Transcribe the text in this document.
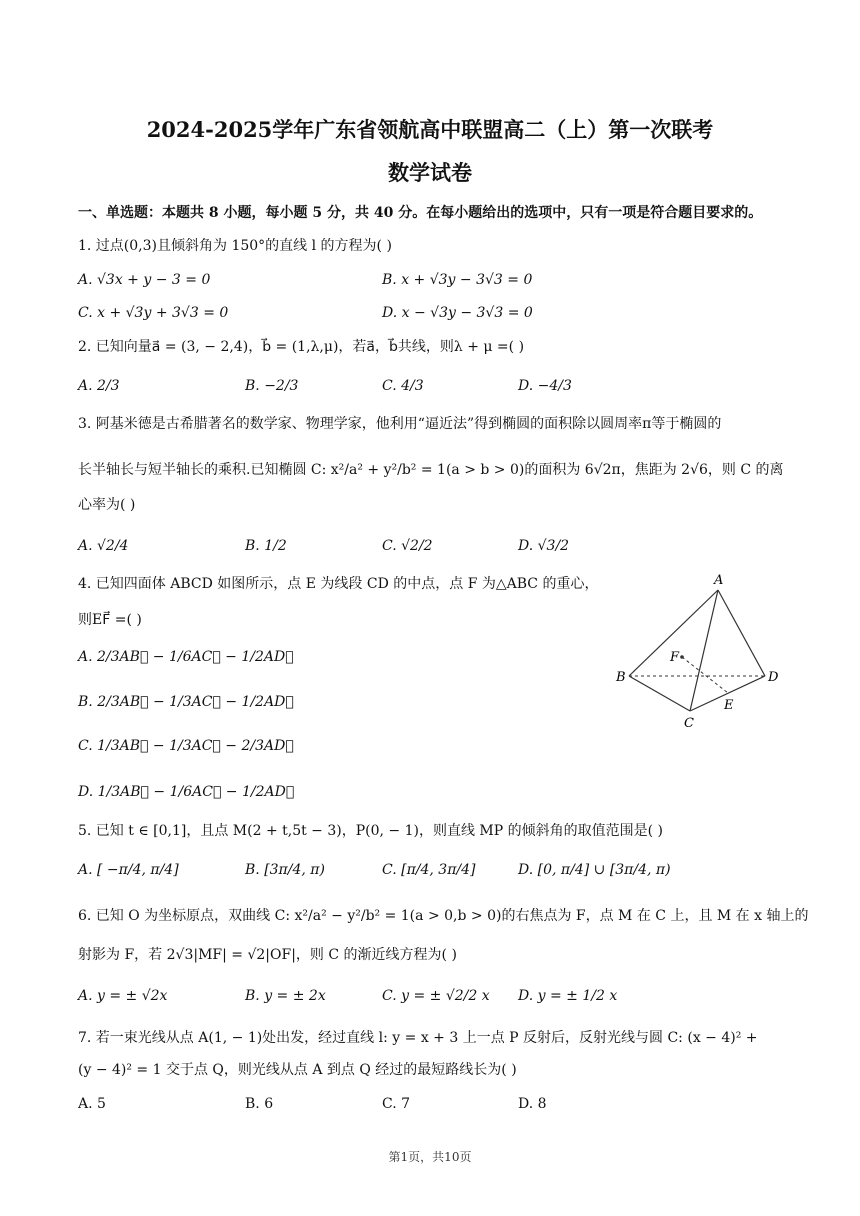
2024-2025学年广东省领航高中联盟高二（上）第一次联考
数学试卷
一、单选题：本题共 8 小题，每小题 5 分，共 40 分。在每小题给出的选项中，只有一项是符合题目要求的。
1. 过点(0,3)且倾斜角为 150°的直线 l 的方程为( )
A. √3x + y − 3 = 0	B. x + √3y − 3√3 = 0
C. x + √3y + 3√3 = 0	D. x − √3y − 3√3 = 0
2. 已知向量a⃗ = (3, − 2,4)，b⃗ = (1,λ,μ)，若a⃗，b⃗共线，则λ + μ =( )
A. 2/3	B. −2/3	C. 4/3	D. −4/3
3. 阿基米德是古希腊著名的数学家、物理学家，他利用“逼近法”得到椭圆的面积除以圆周率π等于椭圆的
长半轴长与短半轴长的乘积.已知椭圆 C: x²/a² + y²/b² = 1(a > b > 0)的面积为 6√2π，焦距为 2√6，则 C 的离
心率为( )
A. √2/4	B. 1/2	C. √2/2	D. √3/2
4. 已知四面体 ABCD 如图所示，点 E 为线段 CD 的中点，点 F 为△ABC 的重心，
则EF⃗ =( )
A. 2/3AB⃗ − 1/6AC⃗ − 1/2AD⃗
B. 2/3AB⃗ − 1/3AC⃗ − 1/2AD⃗
C. 1/3AB⃗ − 1/3AC⃗ − 2/3AD⃗
D. 1/3AB⃗ − 1/6AC⃗ − 1/2AD⃗
A
B
C
D
E
F
5. 已知 t ∈ [0,1]，且点 M(2 + t,5t − 3)，P(0, − 1)，则直线 MP 的倾斜角的取值范围是( )
A. [ −π/4, π/4]	B. [3π/4, π)	C. [π/4, 3π/4]	D. [0, π/4] ∪ [3π/4, π)
6. 已知 O 为坐标原点，双曲线 C: x²/a² − y²/b² = 1(a > 0,b > 0)的右焦点为 F，点 M 在 C 上，且 M 在 x 轴上的
射影为 F，若 2√3|MF| = √2|OF|，则 C 的渐近线方程为( )
A. y = ± √2x	B. y = ± 2x	C. y = ± √2/2 x D. y = ± 1/2 x
7. 若一束光线从点 A(1, − 1)处出发，经过直线 l: y = x + 3 上一点 P 反射后，反射光线与圆 C: (x − 4)² +
(y − 4)² = 1 交于点 Q，则光线从点 A 到点 Q 经过的最短路线长为( )
A. 5	B. 6	C. 7	D. 8
第1页，共10页
